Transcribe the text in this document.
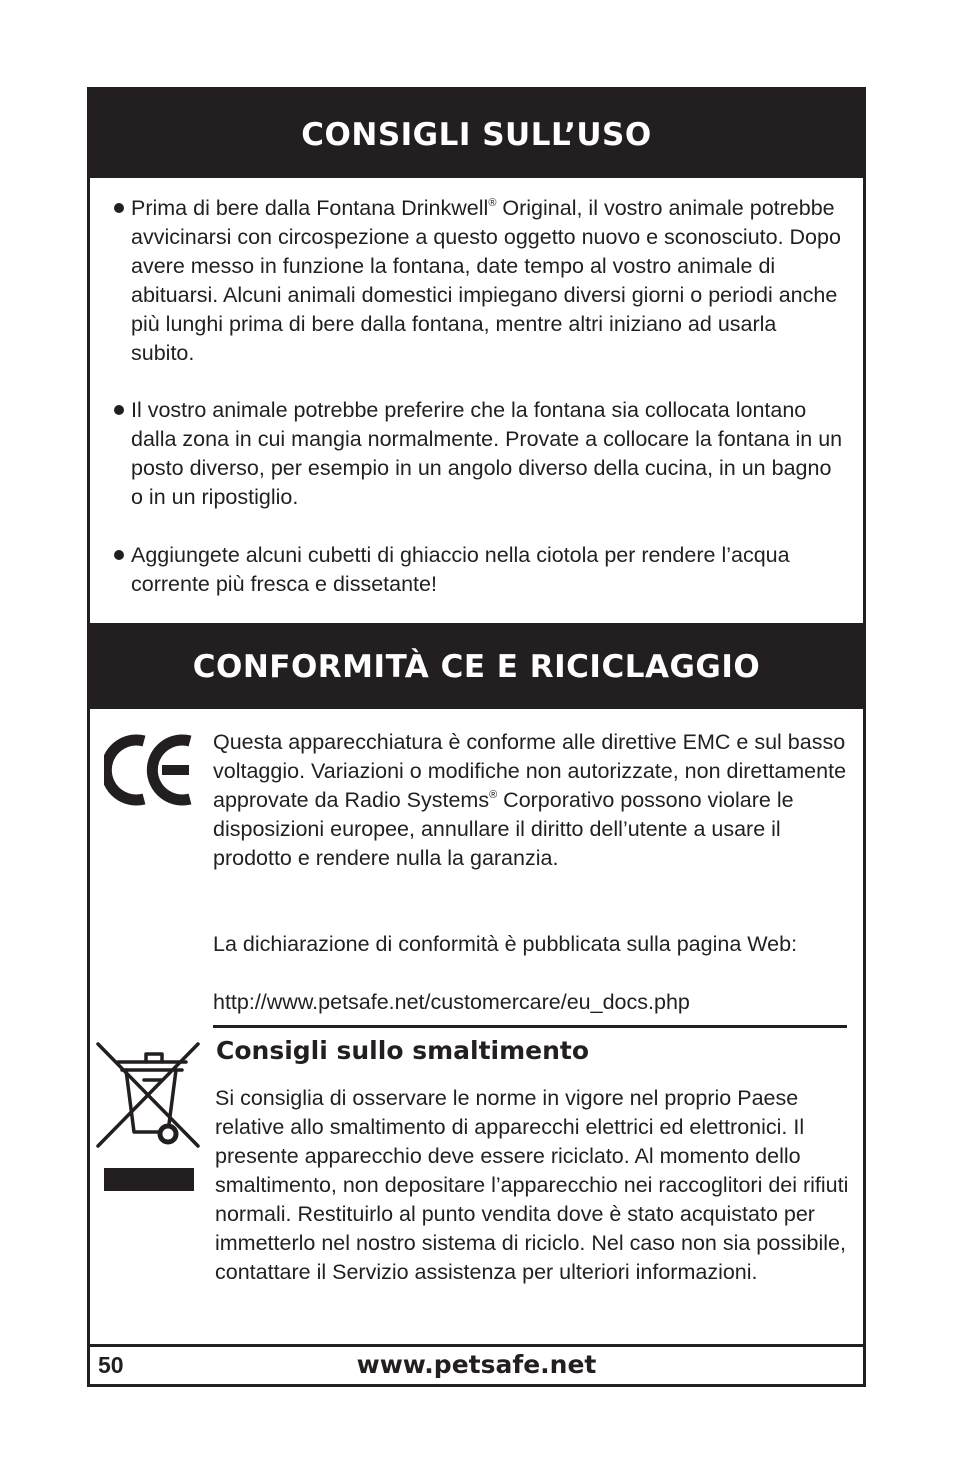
CONSIGLI SULL’USO
Prima di bere dalla Fontana Drinkwell® Original, il vostro animale potrebbe avvicinarsi con circospezione a questo oggetto nuovo e sconosciuto. Dopo avere messo in funzione la fontana, date tempo al vostro animale di abituarsi. Alcuni animali domestici impiegano diversi giorni o periodi anche più lunghi prima di bere dalla fontana, mentre altri iniziano ad usarla subito.
Il vostro animale potrebbe preferire che la fontana sia collocata lontano dalla zona in cui mangia normalmente. Provate a collocare la fontana in un posto diverso, per esempio in un angolo diverso della cucina, in un bagno o in un ripostiglio.
Aggiungete alcuni cubetti di ghiaccio nella ciotola per rendere l’acqua corrente più fresca e dissetante!
CONFORMITÀ CE E RICICLAGGIO
Questa apparecchiatura è conforme alle direttive EMC e sul basso voltaggio. Variazioni o modifiche non autorizzate, non direttamente approvate da Radio Systems® Corporativo possono violare le disposizioni europee, annullare il diritto dell’utente a usare il prodotto e rendere nulla la garanzia.
La dichiarazione di conformità è pubblicata sulla pagina Web:
http://www.petsafe.net/customercare/eu_docs.php
Consigli sullo smaltimento
Si consiglia di osservare le norme in vigore nel proprio Paese relative allo smaltimento di apparecchi elettrici ed elettronici. Il presente apparecchio deve essere riciclato. Al momento dello smaltimento, non depositare l’apparecchio nei raccoglitori dei rifiuti normali. Restituirlo al punto vendita dove è stato acquistato per immetterlo nel nostro sistema di riciclo. Nel caso non sia possibile, contattare il Servizio assistenza per ulteriori informazioni.
50	www.petsafe.net
